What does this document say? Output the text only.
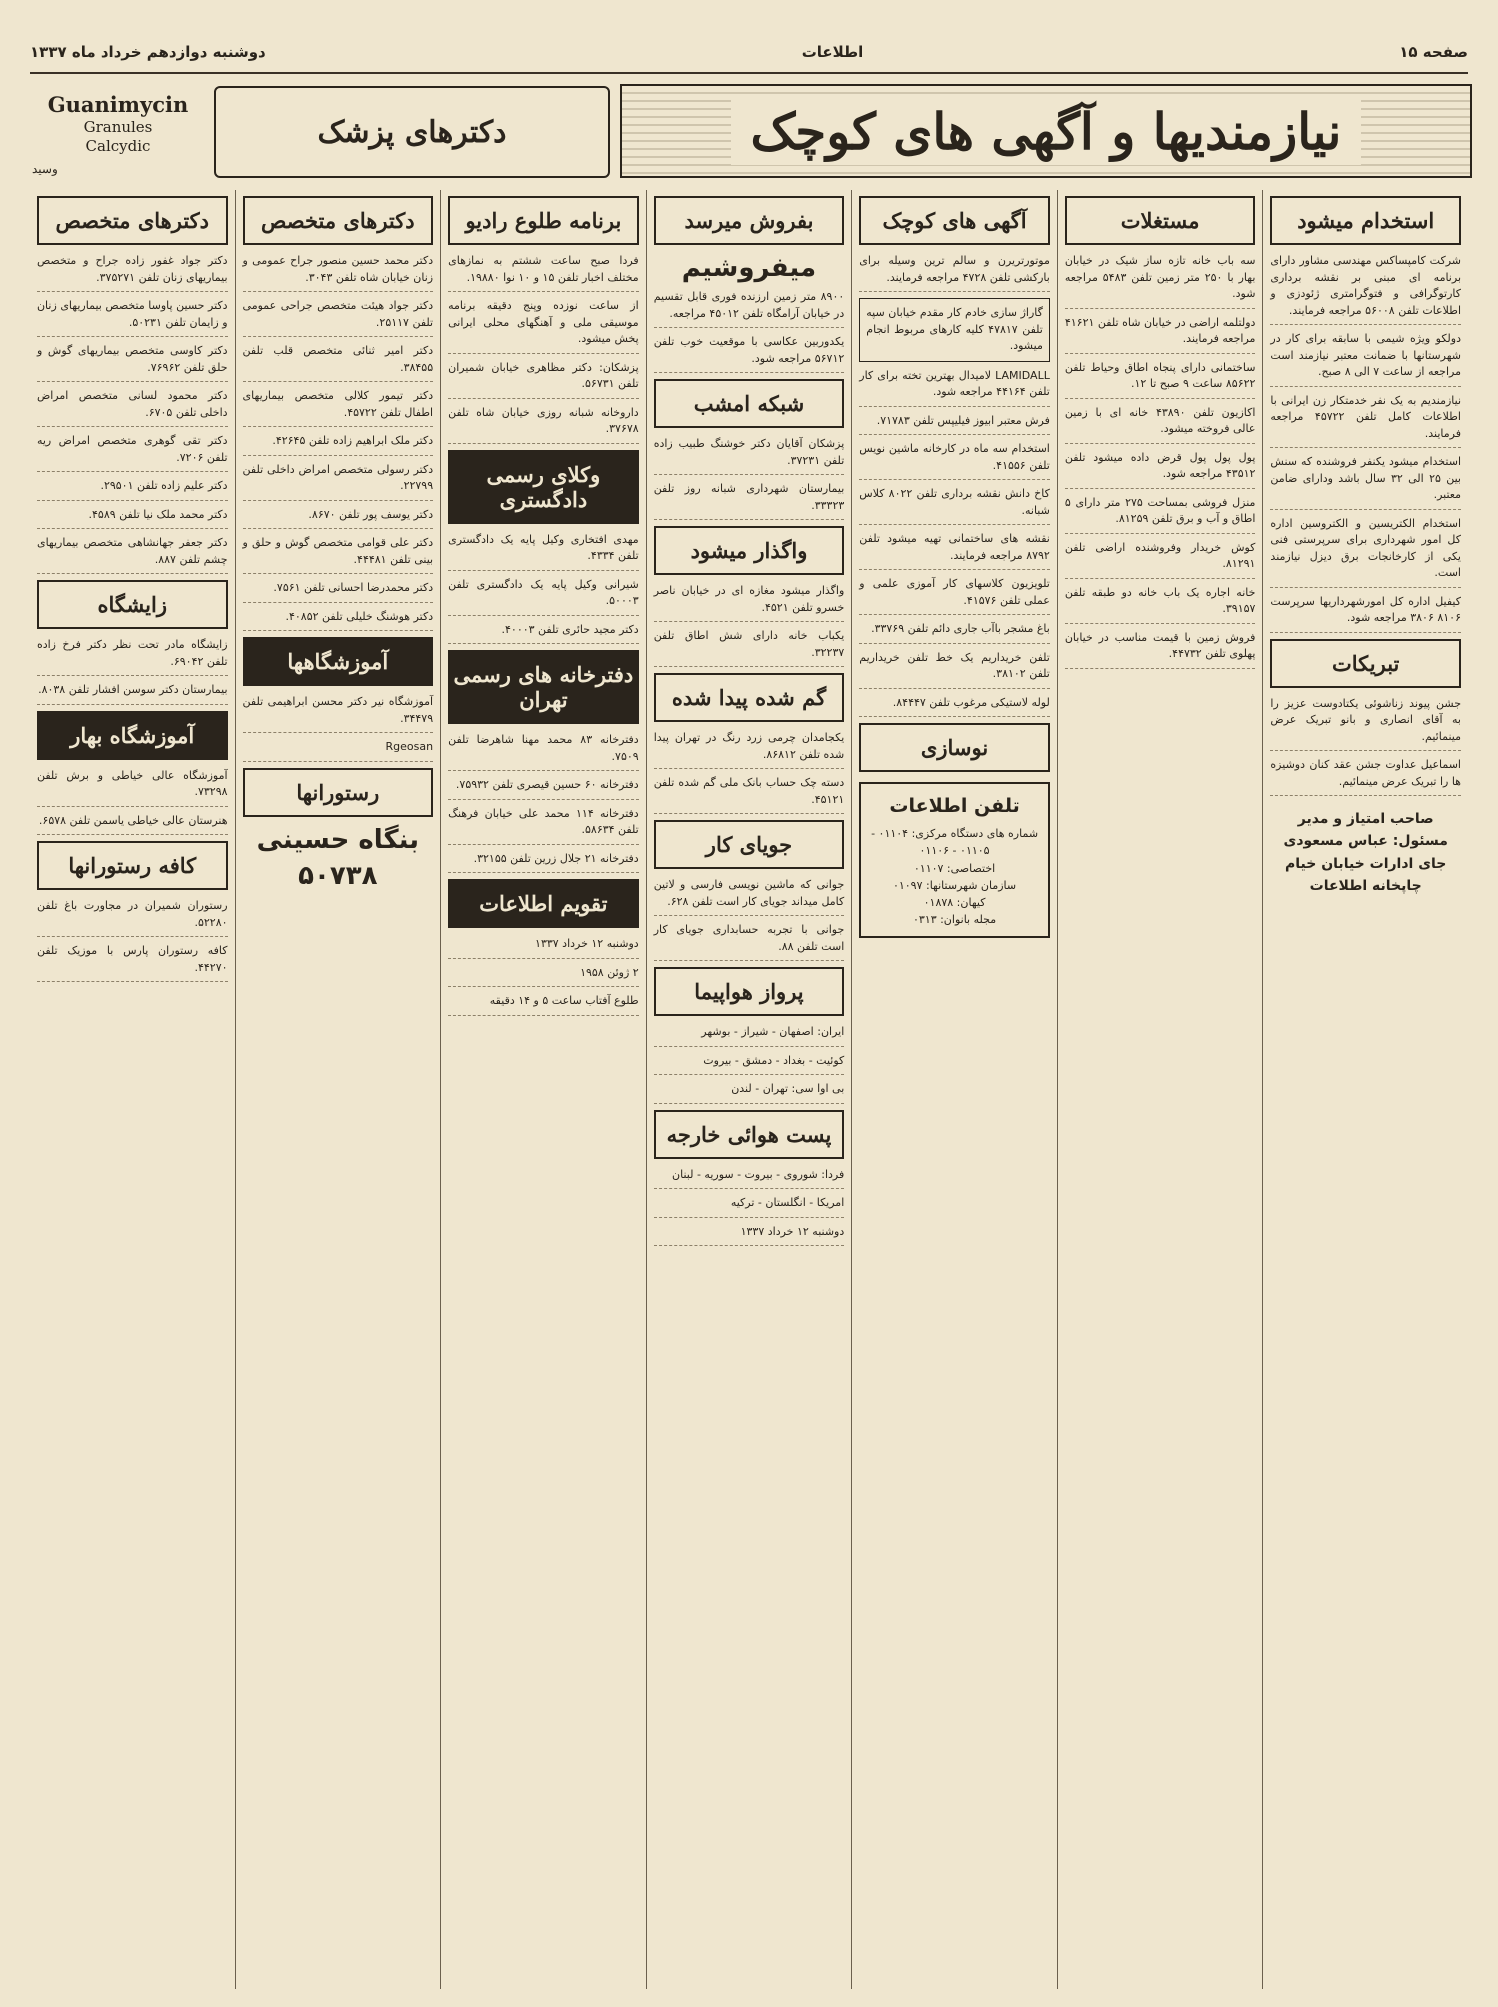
صفحه ۱۵
اطلاعات
دوشنبه دوازدهم خرداد ماه ۱۳۳۷
نیازمندیها و آگهی های کوچک
دکترهای پزشک
Guanimycin
Granules
Calcydic
وسید
استخدام میشود

شرکت کامپساکس مهندسی مشاور دارای برنامه ای مبنی بر نقشه برداری کارتوگرافی و فتوگرامتری ژئودزی و اطلاعات تلفن ۵۶۰۰۸ مراجعه فرمایند.

دولکو ویژه شیمی با سابقه برای کار در شهرستانها با ضمانت معتبر نیازمند است مراجعه از ساعت ۷ الی ۸ صبح.

نیازمندیم به یک نفر خدمتکار زن ایرانی با اطلاعات کامل تلفن ۴۵۷۲۲ مراجعه فرمایند.

استخدام میشود یکنفر فروشنده که سنش بین ۲۵ الی ۳۲ سال باشد ودارای ضامن معتبر.

استخدام الکتریسین و الکتروسین اداره کل امور شهرداری برای سرپرستی فنی یکی از کارخانجات برق دیزل نیازمند است.

کیفیل اداره کل امورشهرداریها سرپرست ۸۱۰۶ ۳۸۰۶ مراجعه شود.

تبریکات

جشن پیوند زناشوئی یکتادوست عزیز را به آقای انصاری و بانو تبریک عرض مینمائیم.

اسماعیل عداوت جشن عقد کنان دوشیزه ها را تبریک عرض مینمائیم.

صاحب امتیاز و مدیر مسئول: عباس مسعودی جای ادارات خیابان خیام چاپخانه اطلاعات
مستغلات

سه باب خانه تازه ساز شیک در خیابان بهار با ۲۵۰ متر زمین تلفن ۵۴۸۳ مراجعه شود.

دولتلمه اراضی در خیابان شاه تلفن ۴۱۶۲۱ مراجعه فرمایند.

ساختمانی دارای پنجاه اطاق وحیاط تلفن ۸۵۶۲۲ ساعت ۹ صبح تا ۱۲.

اکازیون تلفن ۴۳۸۹۰ خانه ای با زمین عالی فروخته میشود.

پول پول پول قرض داده میشود تلفن ۴۳۵۱۲ مراجعه شود.

منزل فروشی بمساحت ۲۷۵ متر دارای ۵ اطاق و آب و برق تلفن ۸۱۲۵۹.

کوش خریدار وفروشنده اراضی تلفن ۸۱۲۹۱.

خانه اجاره یک باب خانه دو طبقه تلفن ۳۹۱۵۷.

فروش زمین با قیمت مناسب در خیابان پهلوی تلفن ۴۴۷۳۲.

آگهی های کوچک

موتورتریرن و سالم ترین وسیله برای بارکشی تلفن ۴۷۲۸ مراجعه فرمایند.

گاراژ سازی خادم کار مقدم خیابان سپه تلفن ۴۷۸۱۷ کلیه کارهای مربوط انجام میشود.

LAMIDALL لامیدال بهترین تخته برای کار تلفن ۴۴۱۶۴ مراجعه شود.

فرش معتبر ابیوز فیلیپس تلفن ۷۱۷۸۳.

استخدام سه ماه در کارخانه ماشین نویس تلفن ۴۱۵۵۶.

کاخ دانش نقشه برداری تلفن ۸۰۲۲ کلاس شبانه.

نقشه های ساختمانی تهیه میشود تلفن ۸۷۹۲ مراجعه فرمایند.

تلویزیون کلاسهای کار آموزی علمی و عملی تلفن ۴۱۵۷۶.

باغ مشجر باآب جاری دائم تلفن ۳۳۷۶۹.

تلفن خریداریم یک خط تلفن خریداریم تلفن ۳۸۱۰۲.

لوله لاستیکی مرغوب تلفن ۸۴۴۴۷.

نوسازی
تلفن اطلاعات
شماره های دستگاه مرکزی: ۰۱۱۰۴ - ۰۱۱۰۵ - ۰۱۱۰۶
اختصاصی: ۰۱۱۰۷
سازمان شهرستانها: ۰۱۰۹۷
کیهان: ۰۱۸۷۸
مجله بانوان: ۰۳۱۳
بفروش میرسد
میفروشیم

۸۹۰۰ متر زمین ارزنده فوری قابل تقسیم در خیابان آرامگاه تلفن ۴۵۰۱۲ مراجعه.

یکدوربین عکاسی با موقعیت خوب تلفن ۵۶۷۱۲ مراجعه شود.

شبکه امشب

پزشکان آقایان دکتر خوشنگ طبیب زاده تلفن ۳۷۲۳۱.

بیمارستان شهرداری شبانه روز تلفن ۳۳۳۲۳.

واگذار میشود

واگذار میشود مغازه ای در خیابان ناصر خسرو تلفن ۴۵۲۱.

یکباب خانه دارای شش اطاق تلفن ۳۲۲۳۷.

گم شده پیدا شده

یکجامدان چرمی زرد رنگ در تهران پیدا شده تلفن ۸۶۸۱۲.

دسته چک حساب بانک ملی گم شده تلفن ۴۵۱۲۱.

جویای کار

جوانی که ماشین نویسی فارسی و لاتین کامل میداند جویای کار است تلفن ۶۲۸.

جوانی با تجربه حسابداری جویای کار است تلفن ۸۸.

پرواز هواپیما

ایران: اصفهان - شیراز - بوشهر

کوئیت - بغداد - دمشق - بیروت

بی اوا سی: تهران - لندن

پست هوائی خارجه

فردا: شوروی - بیروت - سوریه - لبنان

امریکا - انگلستان - ترکیه

دوشنبه ۱۲ خرداد ۱۳۳۷

برنامه طلوع رادیو

فردا صبح ساعت ششتم به نمازهای مختلف اخبار تلفن ۱۵ و ۱۰ نوا ۱۹۸۸۰.

از ساعت نوزده وپنج دقیقه برنامه موسیقی ملی و آهنگهای محلی ایرانی پخش میشود.

پزشکان: دکتر مظاهری خیابان شمیران تلفن ۵۶۷۳۱.

داروخانه شبانه روزی خیابان شاه تلفن ۳۷۶۷۸.

وکلای رسمی دادگستری

مهدی افتخاری وکیل پایه یک دادگستری تلفن ۴۳۳۴.

شیرانی وکیل پایه یک دادگستری تلفن ۵۰۰۰۳.

دکتر مجید حائری تلفن ۴۰۰۰۳.

دفترخانه های رسمی تهران

دفترخانه ۸۳ محمد مهنا شاهرضا تلفن ۷۵۰۹.

دفترخانه ۶۰ حسین قیصری تلفن ۷۵۹۳۲.

دفترخانه ۱۱۴ محمد علی خیابان فرهنگ تلفن ۵۸۶۳۴.

دفترخانه ۲۱ جلال زرین تلفن ۳۲۱۵۵.

تقویم اطلاعات

دوشنبه ۱۲ خرداد ۱۳۳۷

۲ ژوئن ۱۹۵۸

طلوع آفتاب ساعت ۵ و ۱۴ دقیقه

دکترهای متخصص

دکتر محمد حسین منصور جراح عمومی و زنان خیابان شاه تلفن ۳۰۴۳.

دکتر جواد هیئت متخصص جراحی عمومی تلفن ۲۵۱۱۷.

دکتر امیر ثنائی متخصص قلب تلفن ۳۸۴۵۵.

دکتر تیمور کلالی متخصص بیماریهای اطفال تلفن ۴۵۷۲۲.

دکتر ملک ابراهیم زاده تلفن ۴۲۶۴۵.

دکتر رسولی متخصص امراض داخلی تلفن ۲۲۷۹۹.

دکتر یوسف پور تلفن ۸۶۷۰.

دکتر علی قوامی متخصص گوش و حلق و بینی تلفن ۴۴۴۸۱.

دکتر محمدرضا احسانی تلفن ۷۵۶۱.

دکتر هوشنگ خلیلی تلفن ۴۰۸۵۲.

آموزشگاهها

آموزشگاه نیر دکتر محسن ابراهیمی تلفن ۳۴۴۷۹.

Rgeosan

رستورانها
بنگاه حسینی
۵۰۷۳۸
دکترهای متخصص

دکتر جواد غفور زاده جراح و متخصص بیماریهای زنان تلفن ۳۷۵۲۷۱.

دکتر حسین پاوسا متخصص بیماریهای زنان و زایمان تلفن ۵۰۲۳۱.

دکتر کاوسی متخصص بیماریهای گوش و حلق تلفن ۷۶۹۶۲.

دکتر محمود لسانی متخصص امراض داخلی تلفن ۶۷۰۵.

دکتر تقی گوهری متخصص امراض ریه تلفن ۷۲۰۶.

دکتر علیم زاده تلفن ۲۹۵۰۱.

دکتر محمد ملک نیا تلفن ۴۵۸۹.

دکتر جعفر جهانشاهی متخصص بیماریهای چشم تلفن ۸۸۷.

زایشگاه

زایشگاه مادر تحت نظر دکتر فرخ زاده تلفن ۶۹۰۴۲.

بیمارستان دکتر سوسن افشار تلفن ۸۰۳۸.

آموزشگاه بهار

آموزشگاه عالی خیاطی و برش تلفن ۷۳۲۹۸.

هنرستان عالی خیاطی یاسمن تلفن ۶۵۷۸.

کافه رستورانها

رستوران شمیران در مجاورت باغ تلفن ۵۲۲۸۰.

کافه رستوران پارس با موزیک تلفن ۴۴۲۷۰.
